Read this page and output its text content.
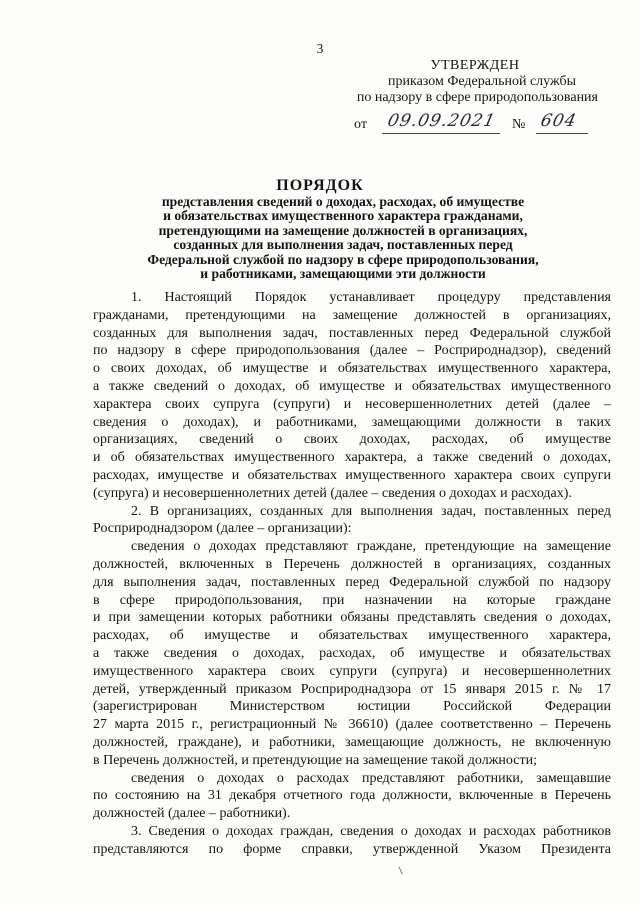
3
УТВЕРЖДЕН
приказом Федеральной службы
по надзору в сфере природопользования
от 09.09.2021 № 604
ПОРЯДОК
представления сведений о доходах, расходах, об имуществе
и обязательствах имущественного характера гражданами,
претендующими на замещение должностей в организациях,
созданных для выполнения задач, поставленных перед
Федеральной службой по надзору в сфере природопользования,
и работниками, замещающими эти должности
1. Настоящий Порядок устанавливает процедуру представления
гражданами, претендующими на замещение должностей в организациях,
созданных для выполнения задач, поставленных перед Федеральной службой
по надзору в сфере природопользования (далее – Росприроднадзор), сведений
о своих доходах, об имуществе и обязательствах имущественного характера,
а также сведений о доходах, об имуществе и обязательствах имущественного
характера своих супруга (супруги) и несовершеннолетних детей (далее –
сведения о доходах), и работниками, замещающими должности в таких
организациях, сведений о своих доходах, расходах, об имуществе
и об обязательствах имущественного характера, а также сведений о доходах,
расходах, имуществе и обязательствах имущественного характера своих супруги
(супруга) и несовершеннолетних детей (далее – сведения о доходах и расходах).
2. В организациях, созданных для выполнения задач, поставленных перед
Росприроднадзором (далее – организации):
сведения о доходах представляют граждане, претендующие на замещение
должностей, включенных в Перечень должностей в организациях, созданных
для выполнения задач, поставленных перед Федеральной службой по надзору
в сфере природопользования, при назначении на которые граждане
и при замещении которых работники обязаны представлять сведения о доходах,
расходах, об имуществе и обязательствах имущественного характера,
а также сведения о доходах, расходах, об имуществе и обязательствах
имущественного характера своих супруги (супруга) и несовершеннолетних
детей, утвержденный приказом Росприроднадзора от 15 января 2015 г. № 17
(зарегистрирован Министерством юстиции Российской Федерации
27 марта 2015 г., регистрационный № 36610) (далее соответственно – Перечень
должностей, граждане), и работники, замещающие должность, не включенную
в Перечень должностей, и претендующие на замещение такой должности;
сведения о доходах о расходах представляют работники, замещавшие
по состоянию на 31 декабря отчетного года должности, включенные в Перечень
должностей (далее – работники).
3. Сведения о доходах граждан, сведения о доходах и расходах работников
представляются по форме справки, утвержденной Указом Президента
